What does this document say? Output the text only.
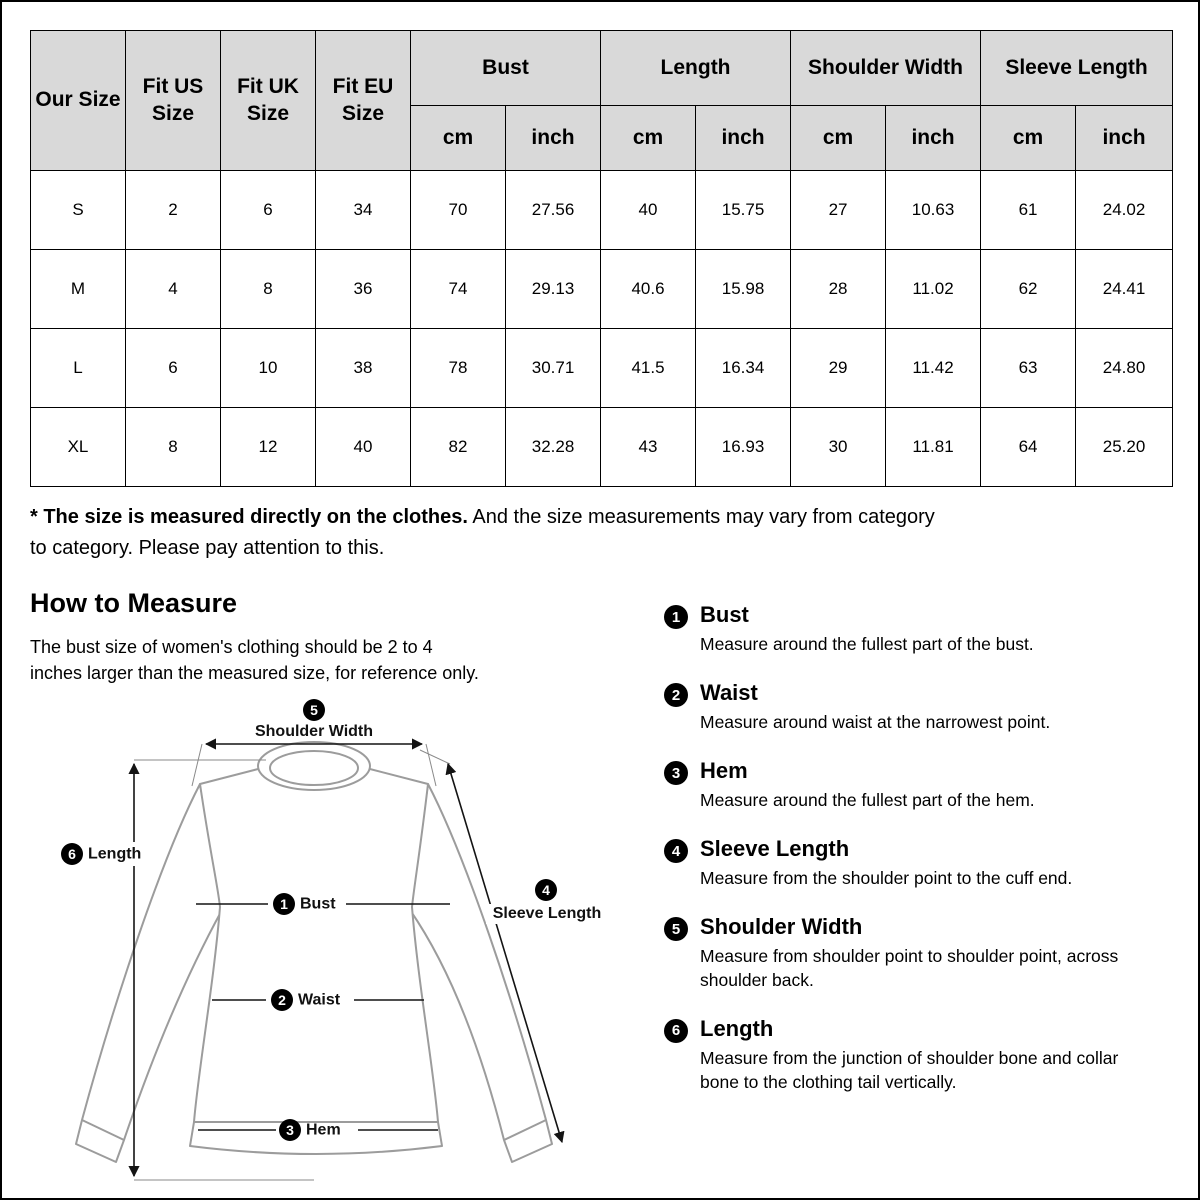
Our Size	Fit US Size	Fit UK Size	Fit EU Size	Bust		Length		Shoulder Width		Sleeve Length	
				cm	inch	cm	inch	cm	inch	cm	inch
S	2	6	34	70	27.56	40	15.75	27	10.63	61	24.02
M	4	8	36	74	29.13	40.6	15.98	28	11.02	62	24.41
L	6	10	38	78	30.71	41.5	16.34	29	11.42	63	24.80
XL	8	12	40	82	32.28	43	16.93	30	11.81	64	25.20

* The size is measured directly on the clothes. And the size measurements may vary from category to category. Please pay attention to this.

How to Measure
The bust size of women's clothing should be 2 to 4 inches larger than the measured size, for reference only.
5
Shoulder Width
6 Length
1 Bust
2 Waist
3 Hem
4
Sleeve Length
1 Bust
Measure around the fullest part of the bust.
2 Waist
Measure around waist at the narrowest point.
3 Hem
Measure around the fullest part of the hem.
4 Sleeve Length
Measure from the shoulder point to the cuff end.
5 Shoulder Width
Measure from shoulder point to shoulder point, across shoulder back.
6 Length
Measure from the junction of shoulder bone and collar bone to the clothing tail vertically.
